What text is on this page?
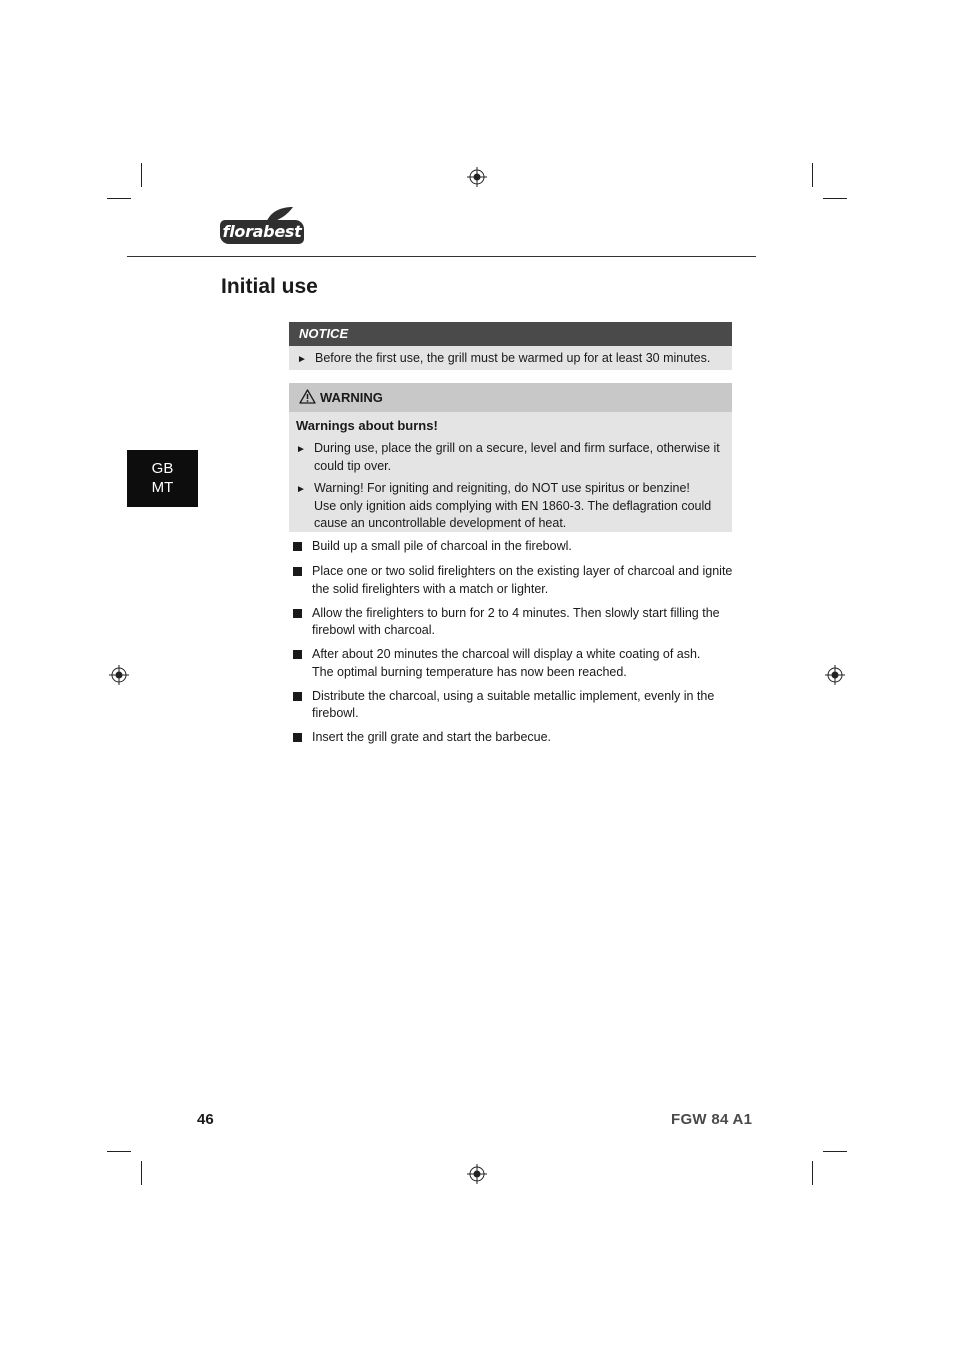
florabest
Initial use
GB
MT
NOTICE
► Before the first use, the grill must be warmed up for at least 30 minutes.
WARNING
Warnings about burns!
► During use, place the grill on a secure, level and firm surface, otherwise it could tip over.
► Warning! For igniting and reigniting, do NOT use spiritus or benzine!
Use only ignition aids complying with EN 1860-3. The deflagration could cause an uncontrollable development of heat.
Build up a small pile of charcoal in the firebowl.
Place one or two solid firelighters on the existing layer of charcoal and ignite the solid firelighters with a match or lighter.
Allow the firelighters to burn for 2 to 4 minutes. Then slowly start filling the firebowl with charcoal.
After about 20 minutes the charcoal will display a white coating of ash.
The optimal burning temperature has now been reached.
Distribute the charcoal, using a suitable metallic implement, evenly in the firebowl.
Insert the grill grate and start the barbecue.
46	FGW 84 A1
